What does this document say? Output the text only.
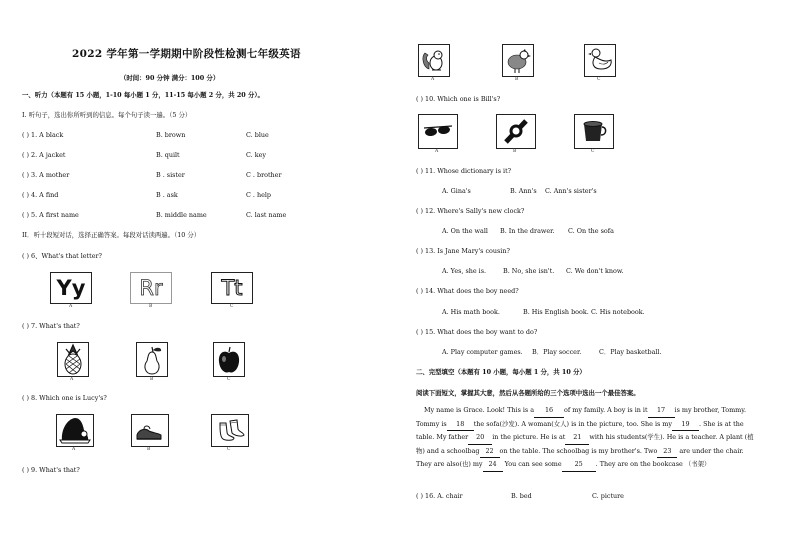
2022 学年第一学期期中阶段性检测七年级英语
（时间：90 分钟 满分：100 分）
一、听力（本题有 15 小题，1-10 每小题 1 分，11-15 每小题 2 分，共 20 分）。
I. 听句子，选出你所听到的信息。每个句子读一遍。（5 分）
( ) 1. A black	B. brown	C. blue
( ) 2. A jacket	B. quilt	C. key
( ) 3. A mother	B . sister	C . brother
( ) 4. A find	B . ask	C . help
( ) 5. A first name	B. middle name	C. last name
II．听十段短对话，选择正确答案。每段对话读两遍。（10 分）
( ) 6、What's that letter?
Yy	Rr	Tt
A	B	C
( ) 7. What's that?
A	B	C
( ) 8. Which one is Lucy's?
A	B	C
( ) 9. What's that?
A	B	C
( ) 10. Which one is Bill's?
A	B	C
( ) 11. Whose dictionary is it?
A. Gina's	B. Ann's C. Ann's sister's
( ) 12. Where's Sally's new clock?
A. On the wall B. In the drawer. C. On the sofa
( ) 13. Is Jane Mary's cousin?
A. Yes, she is.	B. No, she isn't. C. We don't know.
( ) 14. What does the boy need?
A. His math book.	B. His English book. C. His notebook.
( ) 15. What does the boy want to do?
A. Play computer games. B．Play soccer.	C．Play basketball.
二、完型填空（本题有 10 小题，每小题 1 分，共 10 分）
阅读下面短文，掌握其大意，然后从各题所给的三个选项中选出一个最佳答案。
My name is Grace. Look! This is a 16 of my family. A boy is in it 17 is my brother, Tommy. Tommy is 18 the sofa(沙发). A woman(女人) is in the picture, too. She is my 19 . She is at the table. My father 20 in the picture. He is at 21 with his students(学生). He is a teacher. A plant (植物) and a schoolbag 22 on the table. The schoolbag is my brother's. Two 23 are under the chair. They are also(也) my 24 You can see some 25 . They are on the bookcase （书架）
( ) 16. A. chair	B. bed	C. picture
